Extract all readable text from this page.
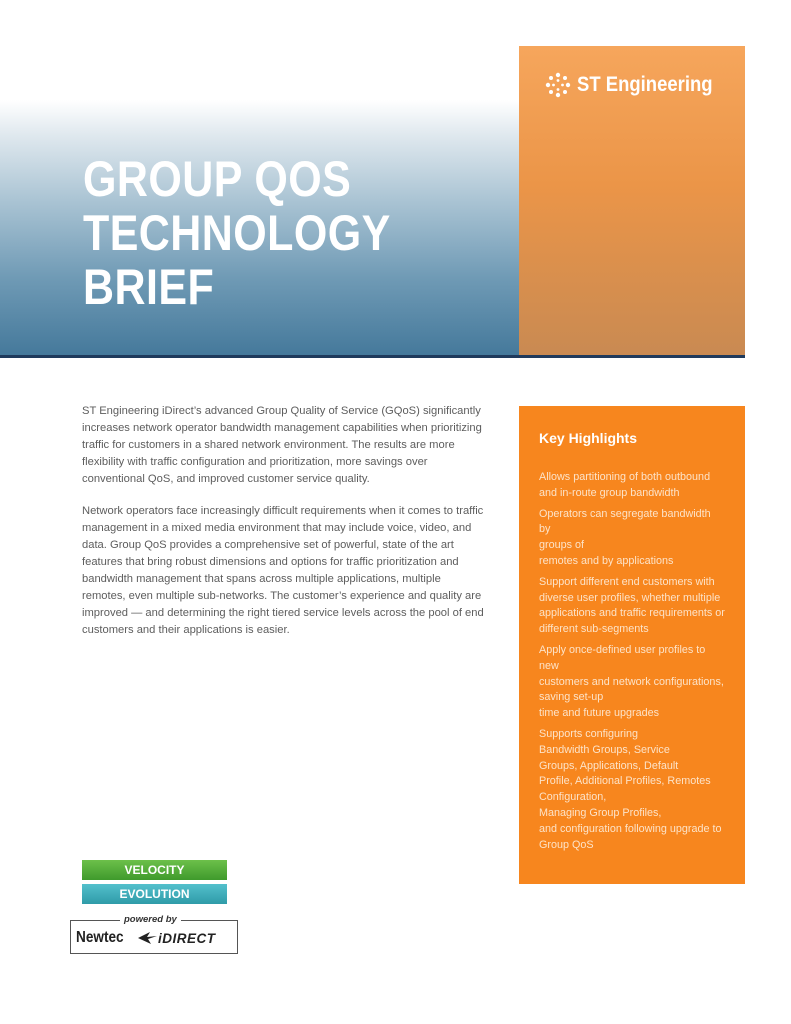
GROUP QOS
TECHNOLOGY
BRIEF
ST Engineering

ST Engineering iDirect’s advanced Group Quality of Service (GQoS) significantly increases network operator bandwidth management capabilities when prioritizing traffic for customers in a shared network environment. The results are more flexibility with traffic configuration and prioritization, more savings over conventional QoS, and improved customer service quality.

Network operators face increasingly difficult requirements when it comes to traffic management in a mixed media environment that may include voice, video, and data. Group QoS provides a comprehensive set of powerful, state of the art features that bring robust dimensions and options for traffic prioritization and bandwidth management that spans across multiple applications, multiple remotes, even multiple sub-networks. The customer’s experience and quality are improved — and determining the right tiered service levels across the pool of end customers and their applications is easier.

Key Highlights
Allows partitioning of both outbound
and in-route group bandwidth
Operators can segregate bandwidth by
groups of
remotes and by applications
Support different end customers with
diverse user profiles, whether multiple
applications and traffic requirements or
different sub-segments
Apply once-defined user profiles to new
customers and network configurations,
saving set-up
time and future upgrades
Supports configuring
Bandwidth Groups, Service
Groups, Applications, Default
Profile, Additional Profiles, Remotes
Configuration,
Managing Group Profiles,
and configuration following upgrade to
Group QoS
VELOCITY
EVOLUTION
powered by
Newtec	iDIRECT
